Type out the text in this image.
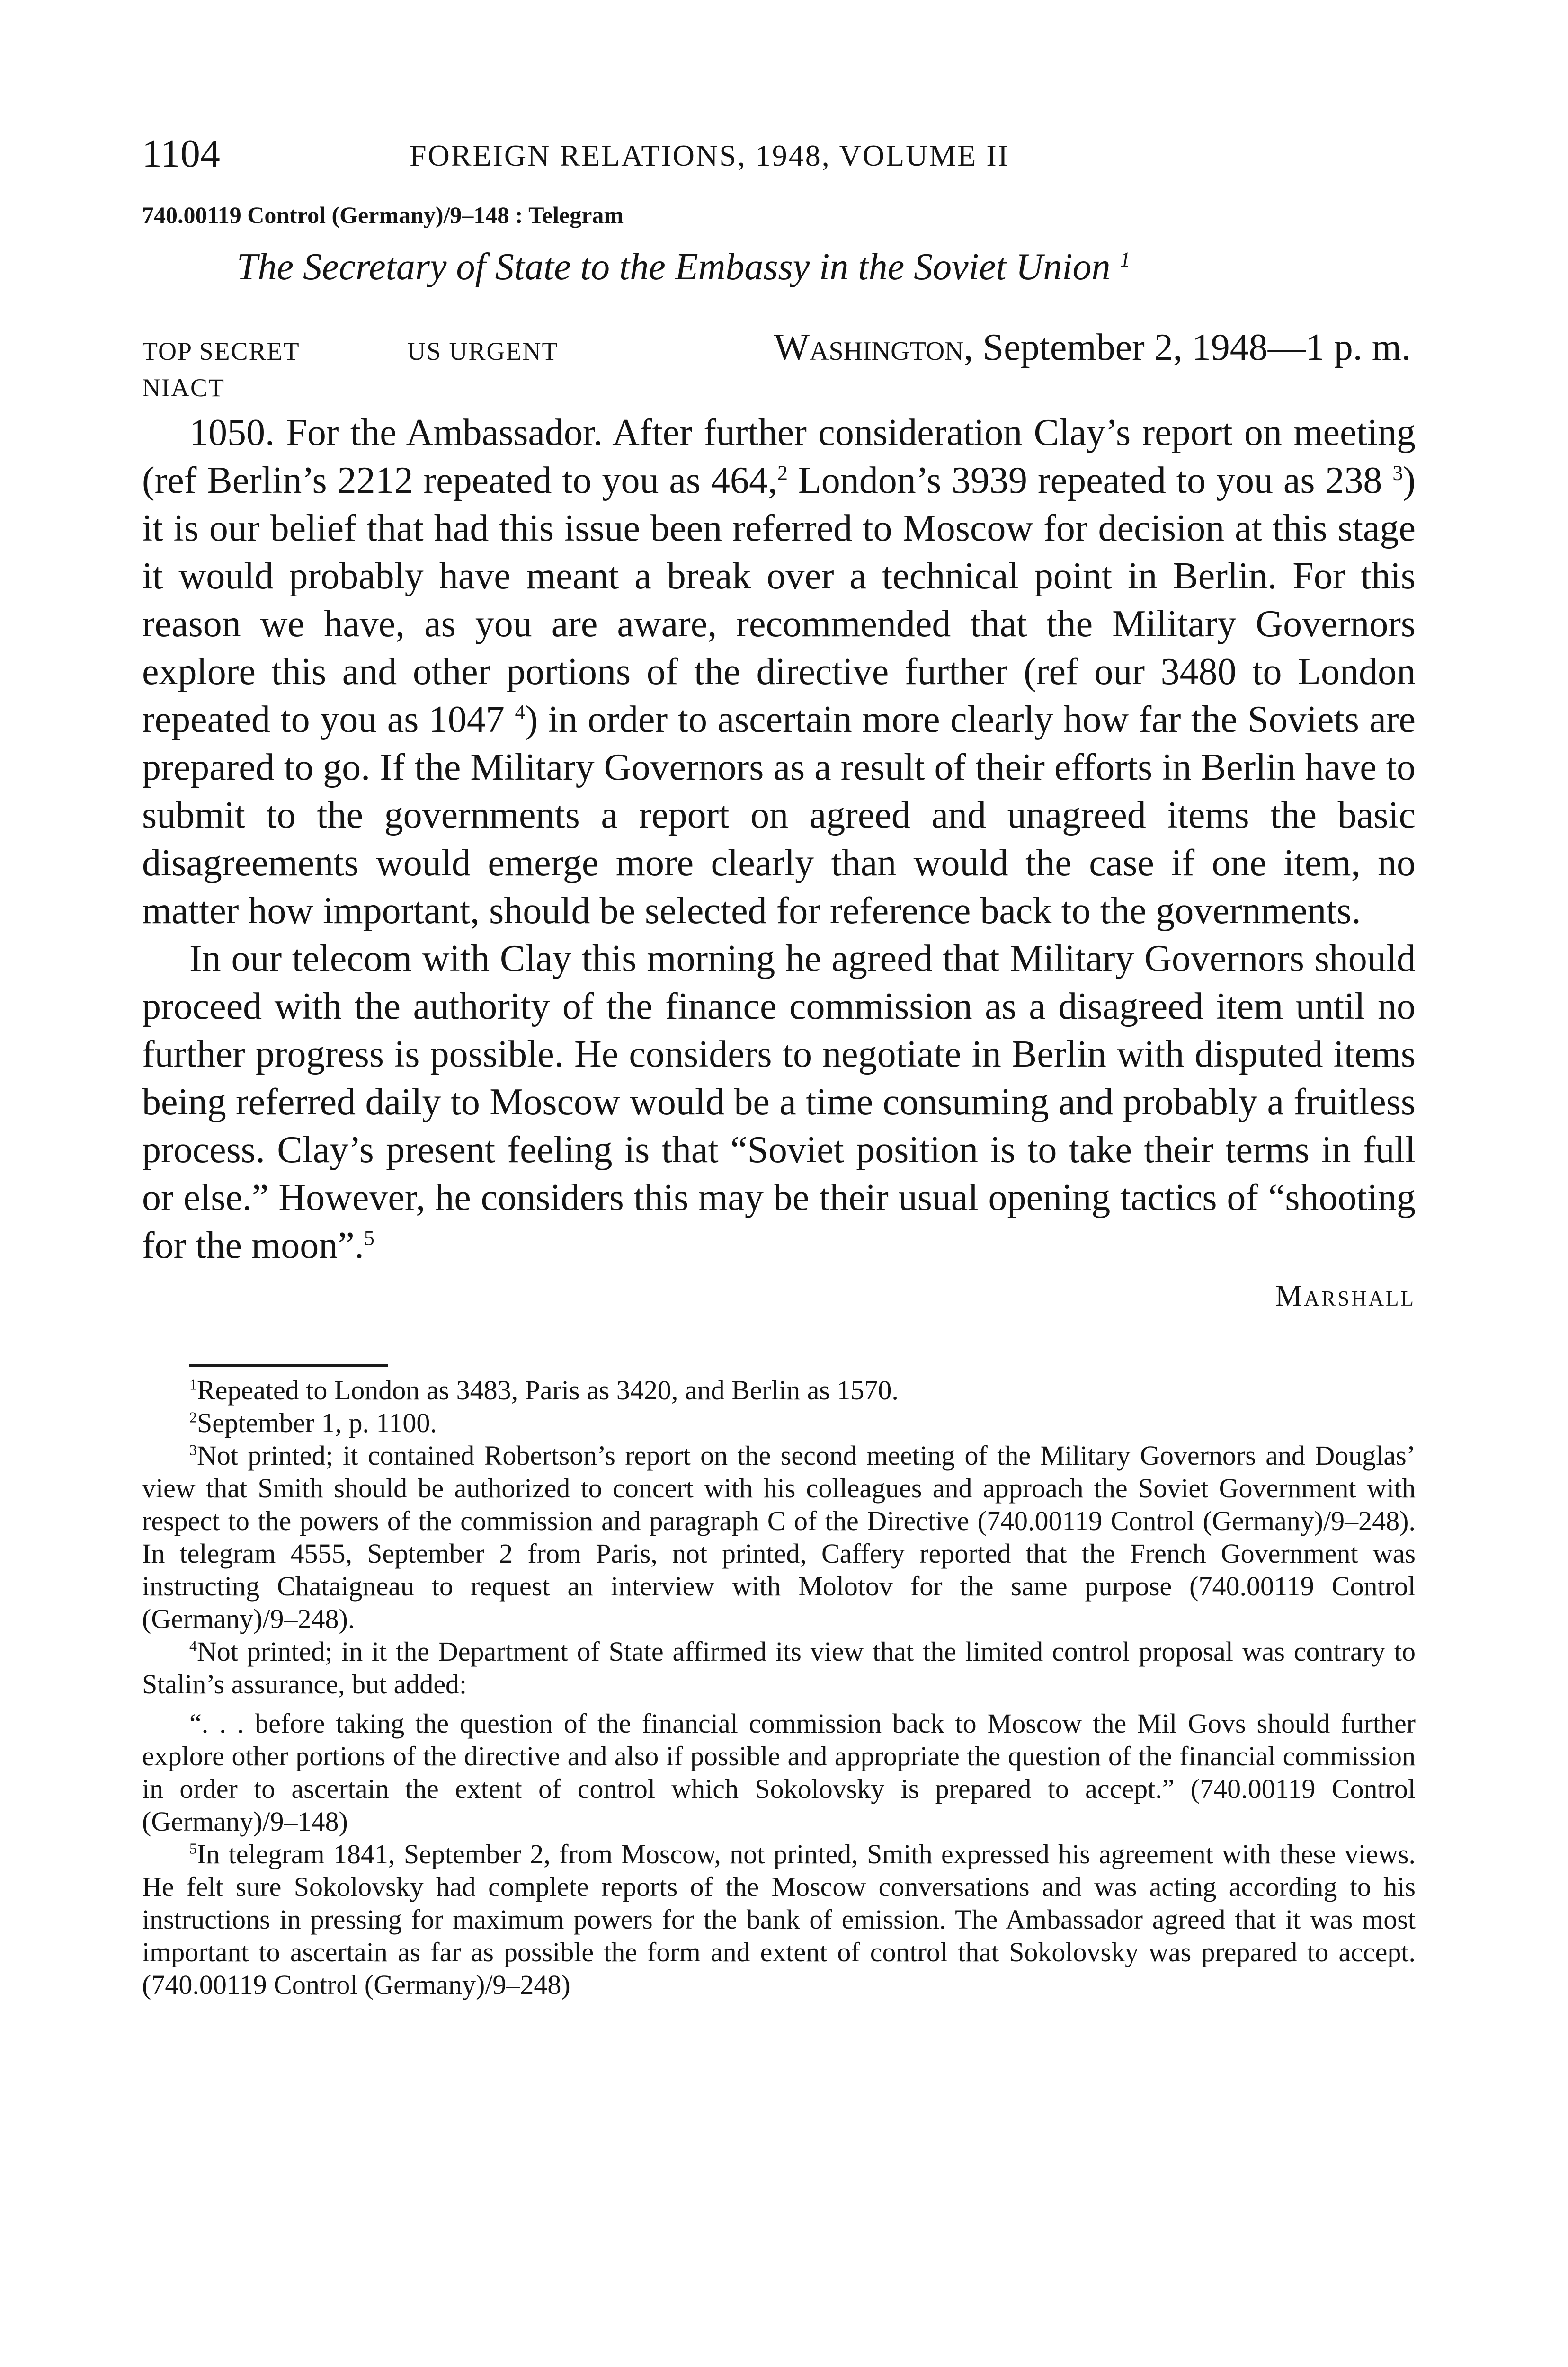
1104	FOREIGN RELATIONS, 1948, VOLUME II
740.00119 Control (Germany)/9–148 : Telegram
The Secretary of State to the Embassy in the Soviet Union $^1$
TOP SECRET	US URGENT	Washington, September 2, 1948—1 p. m.
NIACT

1050. For the Ambassador. After further consideration Clay’s report on meeting (ref Berlin’s 2212 repeated to you as 464,$^2$ London’s 3939 repeated to you as 238 $^3$) it is our belief that had this issue been referred to Moscow for decision at this stage it would probably have meant a break over a technical point in Berlin. For this reason we have, as you are aware, recommended that the Military Governors explore this and other portions of the directive further (ref our 3480 to London repeated to you as 1047 $^4$) in order to ascertain more clearly how far the Soviets are prepared to go. If the Military Governors as a result of their efforts in Berlin have to submit to the governments a report on agreed and unagreed items the basic disagreements would emerge more clearly than would the case if one item, no matter how important, should be selected for reference back to the governments.

In our telecom with Clay this morning he agreed that Military Governors should proceed with the authority of the finance commission as a disagreed item until no further progress is possible. He considers to negotiate in Berlin with disputed items being referred daily to Moscow would be a time consuming and probably a fruitless process. Clay’s present feeling is that “Soviet position is to take their terms in full or else.” However, he considers this may be their usual opening tactics of “shooting for the moon”.$^5$

Marshall

$^1$Repeated to London as 3483, Paris as 3420, and Berlin as 1570.

$^2$September 1, p. 1100.

$^3$Not printed; it contained Robertson’s report on the second meeting of the Military Governors and Douglas’ view that Smith should be authorized to concert with his colleagues and approach the Soviet Government with respect to the powers of the commission and paragraph C of the Directive (740.00119 Control (Germany)/9–248). In telegram 4555, September 2 from Paris, not printed, Caffery reported that the French Government was instructing Chataigneau to request an interview with Molotov for the same purpose (740.00119 Control (Germany)/9–248).

$^4$Not printed; in it the Department of State affirmed its view that the limited control proposal was contrary to Stalin’s assurance, but added:

“. . . before taking the question of the financial commission back to Moscow the Mil Govs should further explore other portions of the directive and also if possible and appropriate the question of the financial commission in order to ascertain the extent of control which Sokolovsky is prepared to accept.” (740.00119 Control (Germany)/9–148)

$^5$In telegram 1841, September 2, from Moscow, not printed, Smith expressed his agreement with these views. He felt sure Sokolovsky had complete reports of the Moscow conversations and was acting according to his instructions in pressing for maximum powers for the bank of emission. The Ambassador agreed that it was most important to ascertain as far as possible the form and extent of control that Sokolovsky was prepared to accept. (740.00119 Control (Germany)/9–248)
